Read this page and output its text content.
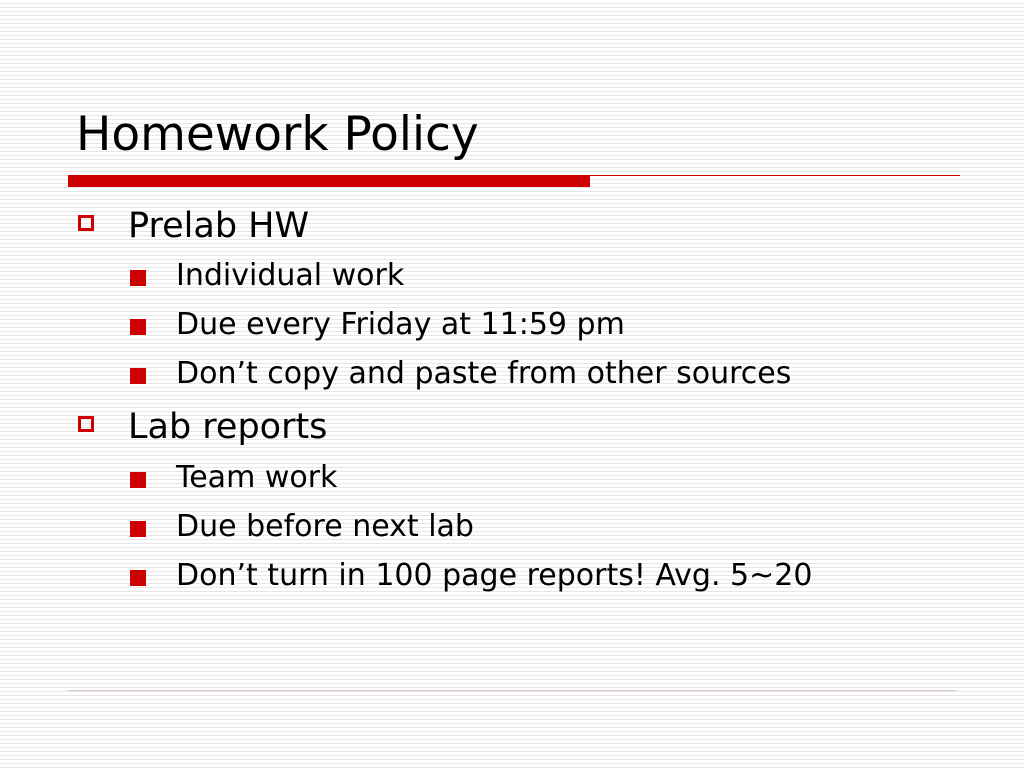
Homework Policy
Prelab HW
Individual work
Due every Friday at 11:59 pm
Don’t copy and paste from other sources
Lab reports
Team work
Due before next lab
Don’t turn in 100 page reports! Avg. 5~20
